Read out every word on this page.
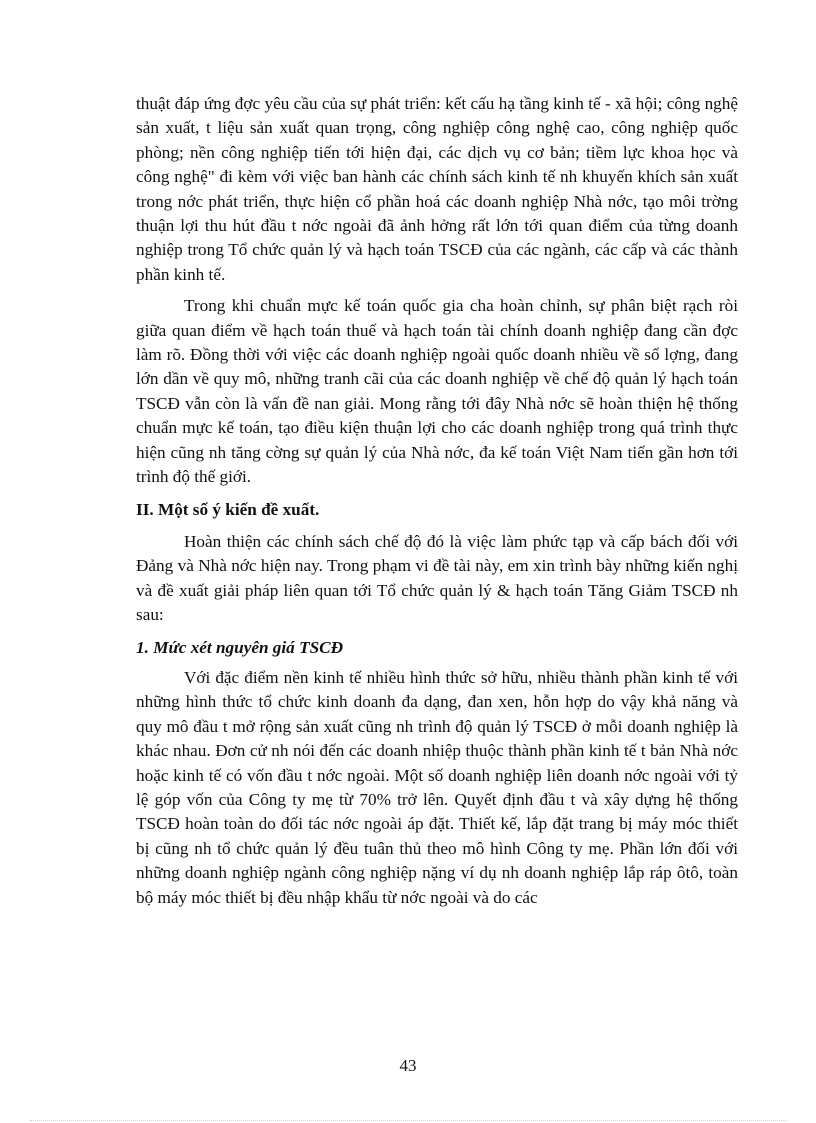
thuật đáp ứng đợc yêu cầu của sự phát triển: kết cấu hạ tầng kinh tế - xã hội; công nghệ sản xuất, t liệu sản xuất quan trọng, công nghiệp công nghệ cao, công nghiệp quốc phòng; nền công nghiệp tiến tới hiện đại, các dịch vụ cơ bản; tiềm lực khoa học và công nghệ" đi kèm với việc ban hành các chính sách kinh tế nh khuyến khích sản xuất trong nớc phát triển, thực hiện cổ phần hoá các doanh nghiệp Nhà nớc, tạo môi trờng thuận lợi thu hút đầu t nớc ngoài đã ảnh hởng rất lớn tới quan điểm của từng doanh nghiệp trong Tổ chức quản lý và hạch toán TSCĐ của các ngành, các cấp và các thành phần kinh tế.

Trong khi chuẩn mực kế toán quốc gia cha hoàn chỉnh, sự phân biệt rạch ròi giữa quan điểm về hạch toán thuế và hạch toán tài chính doanh nghiệp đang cần đợc làm rõ. Đồng thời với việc các doanh nghiệp ngoài quốc doanh nhiều về số lợng, đang lớn dần về quy mô, những tranh cãi của các doanh nghiệp về chế độ quản lý hạch toán TSCĐ vẫn còn là vấn đề nan giải. Mong rằng tới đây Nhà nớc sẽ hoàn thiện hệ thống chuẩn mực kế toán, tạo điều kiện thuận lợi cho các doanh nghiệp trong quá trình thực hiện cũng nh tăng cờng sự quản lý của Nhà nớc, đa kế toán Việt Nam tiến gần hơn tới trình độ thế giới.

II. Một số ý kiến đề xuất.

Hoàn thiện các chính sách chế độ đó là việc làm phức tạp và cấp bách đối với Đảng và Nhà nớc hiện nay. Trong phạm vi đề tài này, em xin trình bày những kiến nghị và đề xuất giải pháp liên quan tới Tổ chức quản lý & hạch toán Tăng Giảm TSCĐ nh sau:

1. Mức xét nguyên giá TSCĐ

Với đặc điểm nền kinh tế nhiều hình thức sở hữu, nhiều thành phần kinh tế với những hình thức tổ chức kinh doanh đa dạng, đan xen, hỗn hợp do vậy khả năng và quy mô đầu t mở rộng sản xuất cũng nh trình độ quản lý TSCĐ ở mỗi doanh nghiệp là khác nhau. Đơn cử nh nói đến các doanh nhiệp thuộc thành phần kinh tế t bản Nhà nớc hoặc kinh tế có vốn đầu t nớc ngoài. Một số doanh nghiệp liên doanh nớc ngoài với tỷ lệ góp vốn của Công ty mẹ từ 70% trở lên. Quyết định đầu t và xây dựng hệ thống TSCĐ hoàn toàn do đối tác nớc ngoài áp đặt. Thiết kế, lắp đặt trang bị máy móc thiết bị cũng nh tổ chức quản lý đều tuân thủ theo mô hình Công ty mẹ. Phần lớn đối với những doanh nghiệp ngành công nghiệp nặng ví dụ nh doanh nghiệp lắp ráp ôtô, toàn bộ máy móc thiết bị đều nhập khẩu từ nớc ngoài và do các

43
